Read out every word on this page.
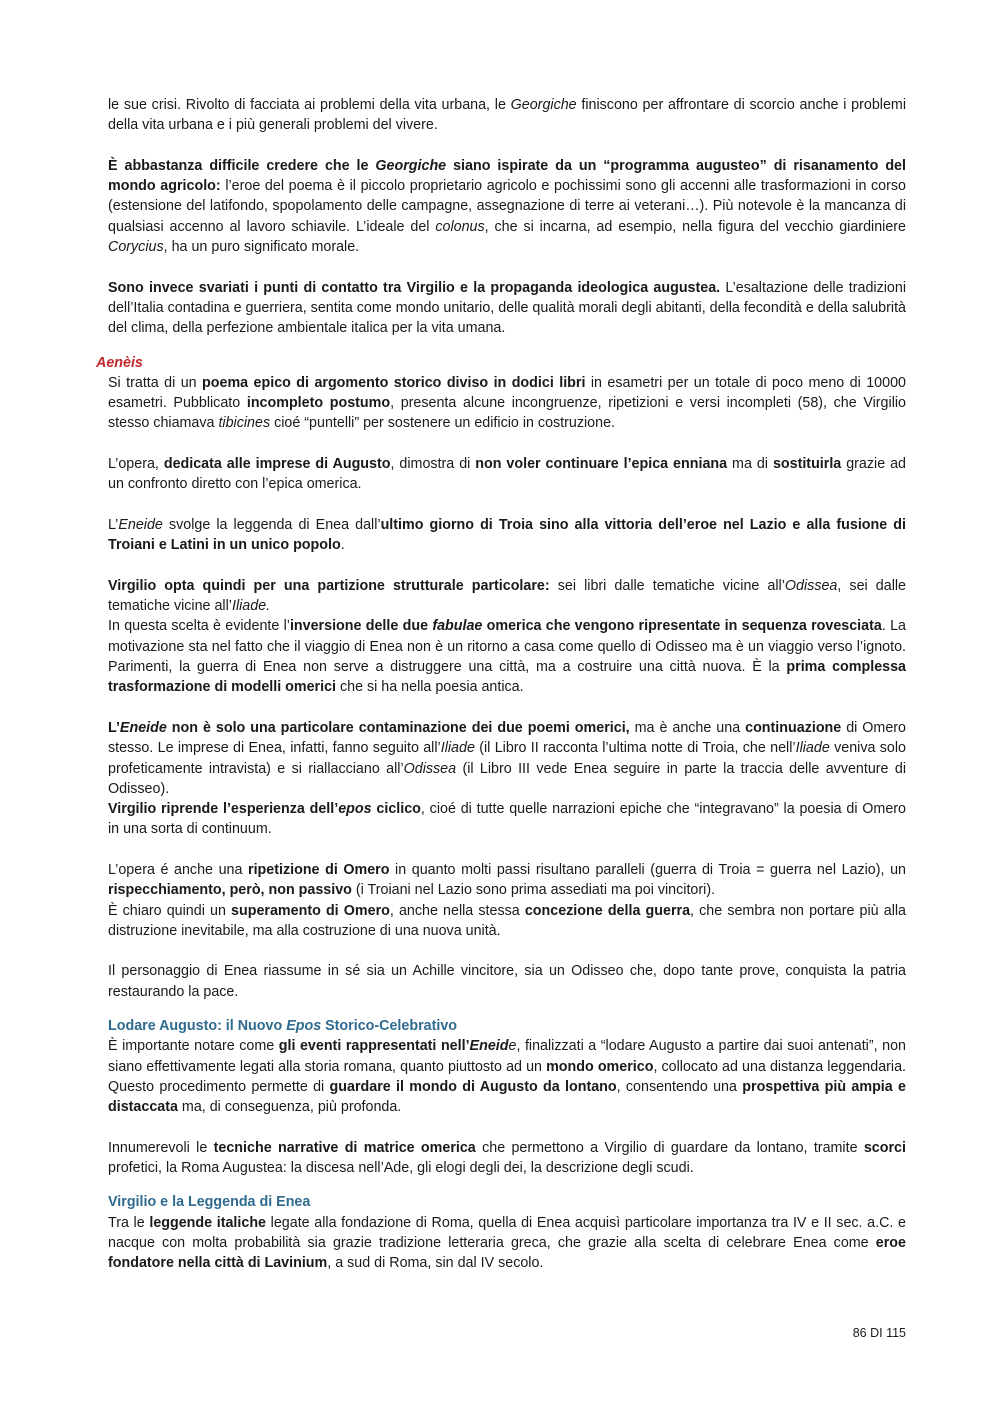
le sue crisi. Rivolto di facciata ai problemi della vita urbana, le Georgiche finiscono per affrontare di scorcio anche i problemi della vita urbana e i più generali problemi del vivere.

È abbastanza difficile credere che le Georgiche siano ispirate da un “programma augusteo” di risanamento del mondo agricolo: l’eroe del poema è il piccolo proprietario agricolo e pochissimi sono gli accenni alle trasformazioni in corso (estensione del latifondo, spopolamento delle campagne, assegnazione di terre ai veterani…). Più notevole è la mancanza di qualsiasi accenno al lavoro schiavile. L’ideale del colonus, che si incarna, ad esempio, nella figura del vecchio giardiniere Corycius, ha un puro significato morale.

Sono invece svariati i punti di contatto tra Virgilio e la propaganda ideologica augustea. L’esaltazione delle tradizioni dell’Italia contadina e guerriera, sentita come mondo unitario, delle qualità morali degli abitanti, della fecondità e della salubrità del clima, della perfezione ambientale italica per la vita umana.

Aenèis

Si tratta di un poema epico di argomento storico diviso in dodici libri in esametri per un totale di poco meno di 10000 esametri. Pubblicato incompleto postumo, presenta alcune incongruenze, ripetizioni e versi incompleti (58), che Virgilio stesso chiamava tibicines cioé “puntelli” per sostenere un edificio in costruzione.

L’opera, dedicata alle imprese di Augusto, dimostra di non voler continuare l’epica enniana ma di sostituirla grazie ad un confronto diretto con l’epica omerica.

L’Eneide svolge la leggenda di Enea dall’ultimo giorno di Troia sino alla vittoria dell’eroe nel Lazio e alla fusione di Troiani e Latini in un unico popolo.

Virgilio opta quindi per una partizione strutturale particolare: sei libri dalle tematiche vicine all’Odissea, sei dalle tematiche vicine all’Iliade.

In questa scelta è evidente l’inversione delle due fabulae omerica che vengono ripresentate in sequenza rovesciata. La motivazione sta nel fatto che il viaggio di Enea non è un ritorno a casa come quello di Odisseo ma è un viaggio verso l’ignoto. Parimenti, la guerra di Enea non serve a distruggere una città, ma a costruire una città nuova. È la prima complessa trasformazione di modelli omerici che si ha nella poesia antica.

L’Eneide non è solo una particolare contaminazione dei due poemi omerici, ma è anche una continuazione di Omero stesso. Le imprese di Enea, infatti, fanno seguito all’Iliade (il Libro II racconta l’ultima notte di Troia, che nell’Iliade veniva solo profeticamente intravista) e si riallacciano all’Odissea (il Libro III vede Enea seguire in parte la traccia delle avventure di Odisseo).

Virgilio riprende l’esperienza dell’epos ciclico, cioé di tutte quelle narrazioni epiche che “integravano” la poesia di Omero in una sorta di continuum.

L’opera é anche una ripetizione di Omero in quanto molti passi risultano paralleli (guerra di Troia = guerra nel Lazio), un rispecchiamento, però, non passivo (i Troiani nel Lazio sono prima assediati ma poi vincitori).

È chiaro quindi un superamento di Omero, anche nella stessa concezione della guerra, che sembra non portare più alla distruzione inevitabile, ma alla costruzione di una nuova unità.

Il personaggio di Enea riassume in sé sia un Achille vincitore, sia un Odisseo che, dopo tante prove, conquista la patria restaurando la pace.

Lodare Augusto: il Nuovo Epos Storico-Celebrativo

È importante notare come gli eventi rappresentati nell’Eneide, finalizzati a “lodare Augusto a partire dai suoi antenati”, non siano effettivamente legati alla storia romana, quanto piuttosto ad un mondo omerico, collocato ad una distanza leggendaria. Questo procedimento permette di guardare il mondo di Augusto da lontano, consentendo una prospettiva più ampia e distaccata ma, di conseguenza, più profonda.

Innumerevoli le tecniche narrative di matrice omerica che permettono a Virgilio di guardare da lontano, tramite scorci profetici, la Roma Augustea: la discesa nell’Ade, gli elogi degli dei, la descrizione degli scudi.

Virgilio e la Leggenda di Enea

Tra le leggende italiche legate alla fondazione di Roma, quella di Enea acquisì particolare importanza tra IV e II sec. a.C. e nacque con molta probabilità sia grazie tradizione letteraria greca, che grazie alla scelta di celebrare Enea come eroe fondatore nella città di Lavinium, a sud di Roma, sin dal IV secolo.

86 DI 115
